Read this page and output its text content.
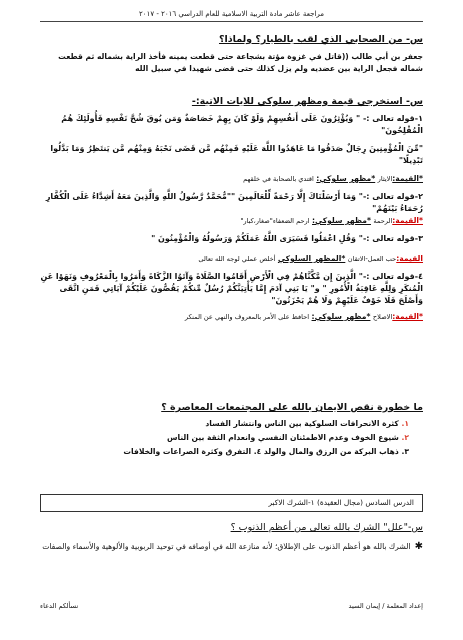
مراجعة عاشر مادة التربية الاسلامية للعام الدراسي ٢٠١٦ - ٢٠١٧
س- من الصحابي الذي لقب بالطيار؟ ولماذا؟
جعفر بن أبي طالب ((قاتل في غزوة مؤتة بشجاعة حتى قطعت يمينه فأخذ الراية بشماله ثم قطعت شماله فجعل الراية بين عضديه ولم يزل كذلك حتى قضى شهيدا في سبيل الله
س- استخرجي قيمة ومظهر سلوكي للايات الاتية:-
١-قوله تعالى :- " وَيُؤْثِرُونَ عَلَى أَنفُسِهِمْ وَلَوْ كَانَ بِهِمْ خَصَاصَةٌ وَمَن يُوقَ شُحَّ نَفْسِهِ فَأُولَئِكَ هُمُ الْمُفْلِحُونَ"
"مِّنَ الْمُؤْمِنِينَ رِجَالٌ صَدَقُوا مَا عَاهَدُوا اللَّهَ عَلَيْهِ فَمِنْهُم مَّن قَضَى نَحْبَهُ وَمِنْهُم مَّن يَنتَظِرُ وَمَا بَدَّلُوا تَبْدِيلًا"
*القيمة:الايثار *مظهر سلوكي: اقتدي بالصحابة في خلقهم
٢-قوله تعالى :-" وَمَا أَرْسَلْنَاكَ إِلَّا رَحْمَةً لِّلْعَالَمِينَ ""مُّحَمَّدٌ رَّسُولُ اللَّهِ وَالَّذِينَ مَعَهُ أَشِدَّاءُ عَلَى الْكُفَّارِ رُحَمَاءُ بَيْنَهُمْ"
*القيمة:الرحمة *مظهر سلوكي: ارحم الضعفاء"صغار،كبار"
٣-قوله تعالى :-" وَقُلِ اعْمَلُوا فَسَيَرَى اللَّهُ عَمَلَكُمْ وَرَسُولُهُ وَالْمُؤْمِنُونَ "
القيمة:حب العمل-الاتقان *المظهر السلوكي أخلص عملي لوجه الله تعالى
٤-قوله تعالى :-" الَّذِينَ إِن مَّكَّنَّاهُمْ فِي الْأَرْضِ أَقَامُوا الصَّلَاةَ وَآتَوُا الزَّكَاةَ وَأَمَرُوا بِالْمَعْرُوفِ وَنَهَوْا عَنِ الْمُنكَرِ وَلِلَّهِ عَاقِبَةُ الْأُمُورِ " و" يَا بَنِي آدَمَ إِمَّا يَأْتِيَنَّكُمْ رُسُلٌ مِّنكُمْ يَقُصُّونَ عَلَيْكُمْ آيَاتِي فَمَنِ اتَّقَى وَأَصْلَحَ فَلَا خَوْفٌ عَلَيْهِمْ وَلَا هُمْ يَحْزَنُونَ"
*القيمة:الاصلاح *مظهر سلوكي: احافظ على الأمر بالمعروف والنهي عن المنكر
ما خطورة نقص الايمان بالله على المجتمعات المعاصرة ؟
١. كثرة الانحرافات السلوكية بين الناس وانتشار الفساد
٢. شيوع الخوف وعدم الاطمئنان النفسي وانعدام الثقة بين الناس
٣. ذهاب البركة من الرزق والمال والولد ٤. التفرق وكثرة الصراعات والخلافات
الدرس السادس (مجال العقيدة) ١-الشرك الاكبر
س-"علل" الشرك بالله تعالى من أعظم الذنوب ؟
✱ الشرك بالله هو أعظم الذنوب على الإطلاق؛ لأنه منازعة الله في أوصافه في توحيد الربوبية والألوهية والأسماء والصفات
إعداد المعلمة / إيمان السيد
نسألكم الدعاء
